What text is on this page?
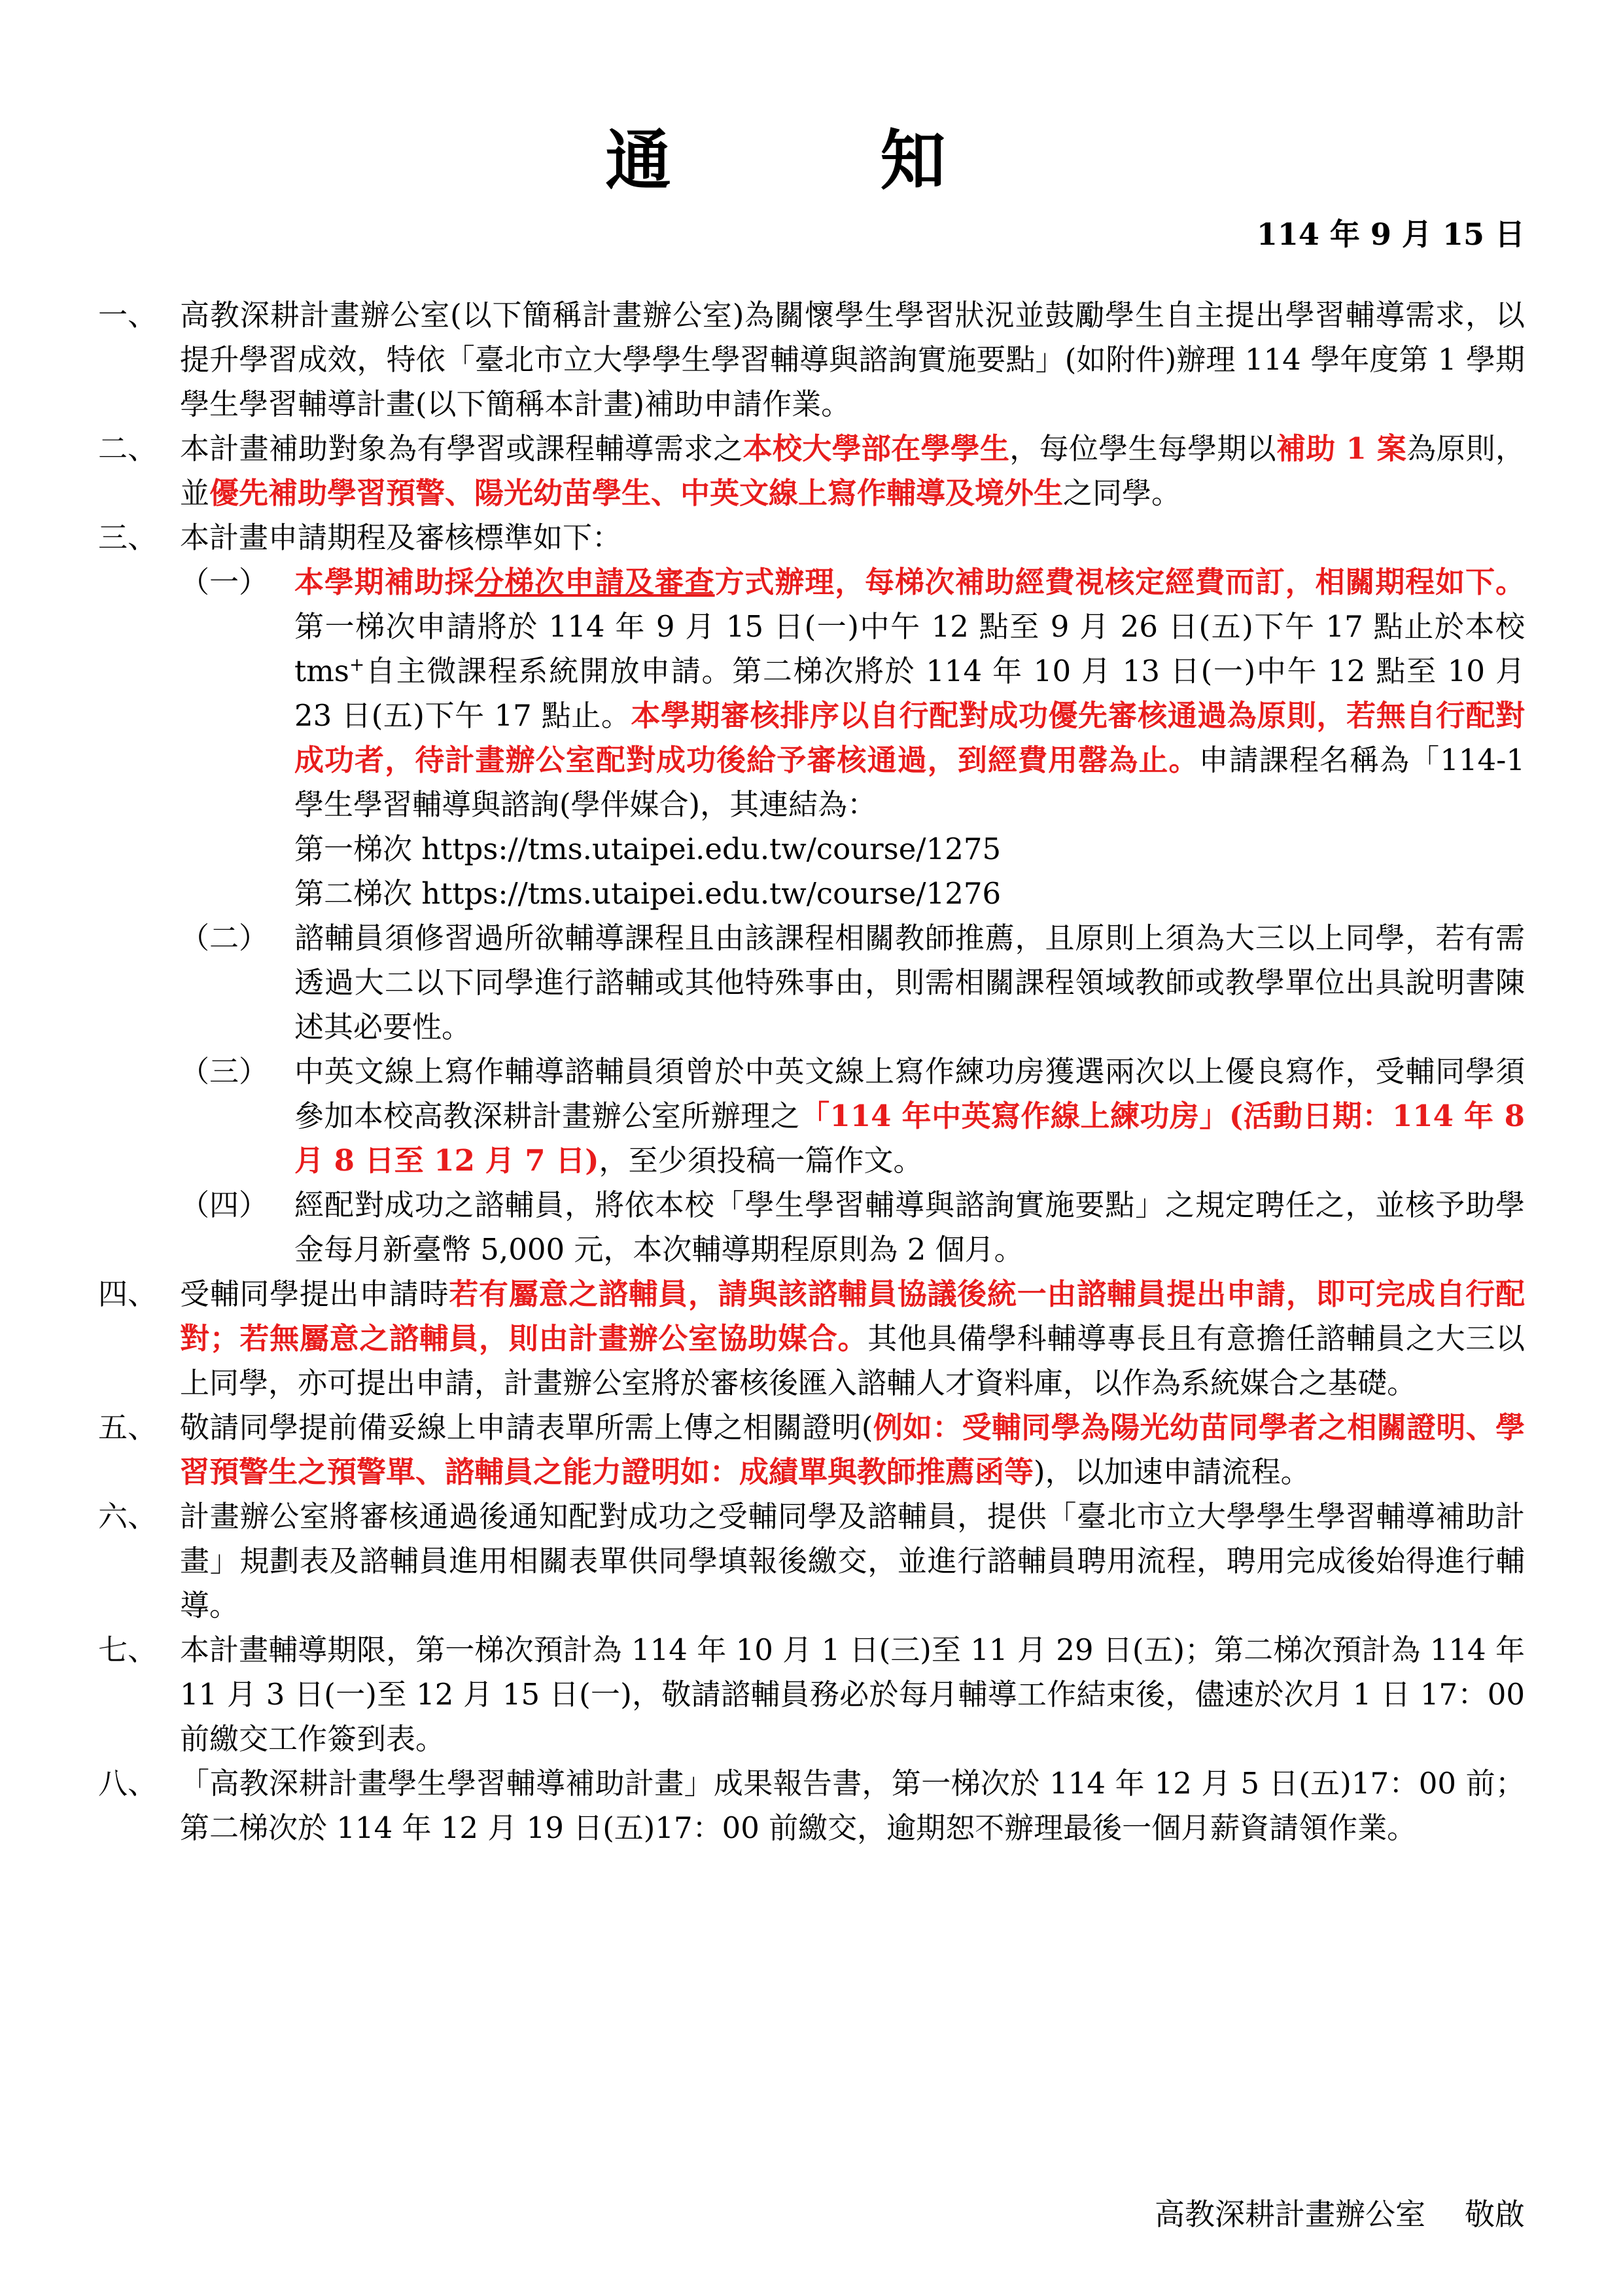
通　知
114 年 9 月 15 日
一、 高教深耕計畫辦公室(以下簡稱計畫辦公室)為關懷學生學習狀況並鼓勵學生自主提出學習輔導需求，以提升學習成效，特依「臺北市立大學學生學習輔導與諮詢實施要點」(如附件)辦理 114 學年度第 1 學期學生學習輔導計畫(以下簡稱本計畫)補助申請作業。
二、 本計畫補助對象為有學習或課程輔導需求之本校大學部在學學生，每位學生每學期以補助 1 案為原則，並優先補助學習預警、陽光幼苗學生、中英文線上寫作輔導及境外生之同學。
三、 本計畫申請期程及審核標準如下：
（一） 本學期補助採分梯次申請及審查方式辦理，每梯次補助經費視核定經費而訂，相關期程如下。第一梯次申請將於 114 年 9 月 15 日(一)中午 12 點至 9 月 26 日(五)下午 17 點止於本校 tms+自主微課程系統開放申請。第二梯次將於 114 年 10 月 13 日(一)中午 12 點至 10 月 23 日(五)下午 17 點止。本學期審核排序以自行配對成功優先審核通過為原則，若無自行配對成功者，待計畫辦公室配對成功後給予審核通過，到經費用罄為止。申請課程名稱為「114-1 學生學習輔導與諮詢(學伴媒合)，其連結為：
第一梯次 https://tms.utaipei.edu.tw/course/1275
第二梯次 https://tms.utaipei.edu.tw/course/1276
（二） 諮輔員須修習過所欲輔導課程且由該課程相關教師推薦，且原則上須為大三以上同學，若有需透過大二以下同學進行諮輔或其他特殊事由，則需相關課程領域教師或教學單位出具說明書陳述其必要性。
（三） 中英文線上寫作輔導諮輔員須曾於中英文線上寫作練功房獲選兩次以上優良寫作，受輔同學須參加本校高教深耕計畫辦公室所辦理之「114 年中英寫作線上練功房」(活動日期：114 年 8 月 8 日至 12 月 7 日)，至少須投稿一篇作文。
（四） 經配對成功之諮輔員，將依本校「學生學習輔導與諮詢實施要點」之規定聘任之，並核予助學金每月新臺幣 5,000 元，本次輔導期程原則為 2 個月。
四、 受輔同學提出申請時若有屬意之諮輔員，請與該諮輔員協議後統一由諮輔員提出申請，即可完成自行配對；若無屬意之諮輔員，則由計畫辦公室協助媒合。其他具備學科輔導專長且有意擔任諮輔員之大三以上同學，亦可提出申請，計畫辦公室將於審核後匯入諮輔人才資料庫，以作為系統媒合之基礎。
五、 敬請同學提前備妥線上申請表單所需上傳之相關證明(例如：受輔同學為陽光幼苗同學者之相關證明、學習預警生之預警單、諮輔員之能力證明如：成績單與教師推薦函等)，以加速申請流程。
六、 計畫辦公室將審核通過後通知配對成功之受輔同學及諮輔員，提供「臺北市立大學學生學習輔導補助計畫」規劃表及諮輔員進用相關表單供同學填報後繳交，並進行諮輔員聘用流程，聘用完成後始得進行輔導。
七、 本計畫輔導期限，第一梯次預計為 114 年 10 月 1 日(三)至 11 月 29 日(五)；第二梯次預計為 114 年 11 月 3 日(一)至 12 月 15 日(一)，敬請諮輔員務必於每月輔導工作結束後，儘速於次月 1 日 17：00 前繳交工作簽到表。
八、 「高教深耕計畫學生學習輔導補助計畫」成果報告書，第一梯次於 114 年 12 月 5 日(五)17：00 前；第二梯次於 114 年 12 月 19 日(五)17：00 前繳交，逾期恕不辦理最後一個月薪資請領作業。
高教深耕計畫辦公室 敬啟
